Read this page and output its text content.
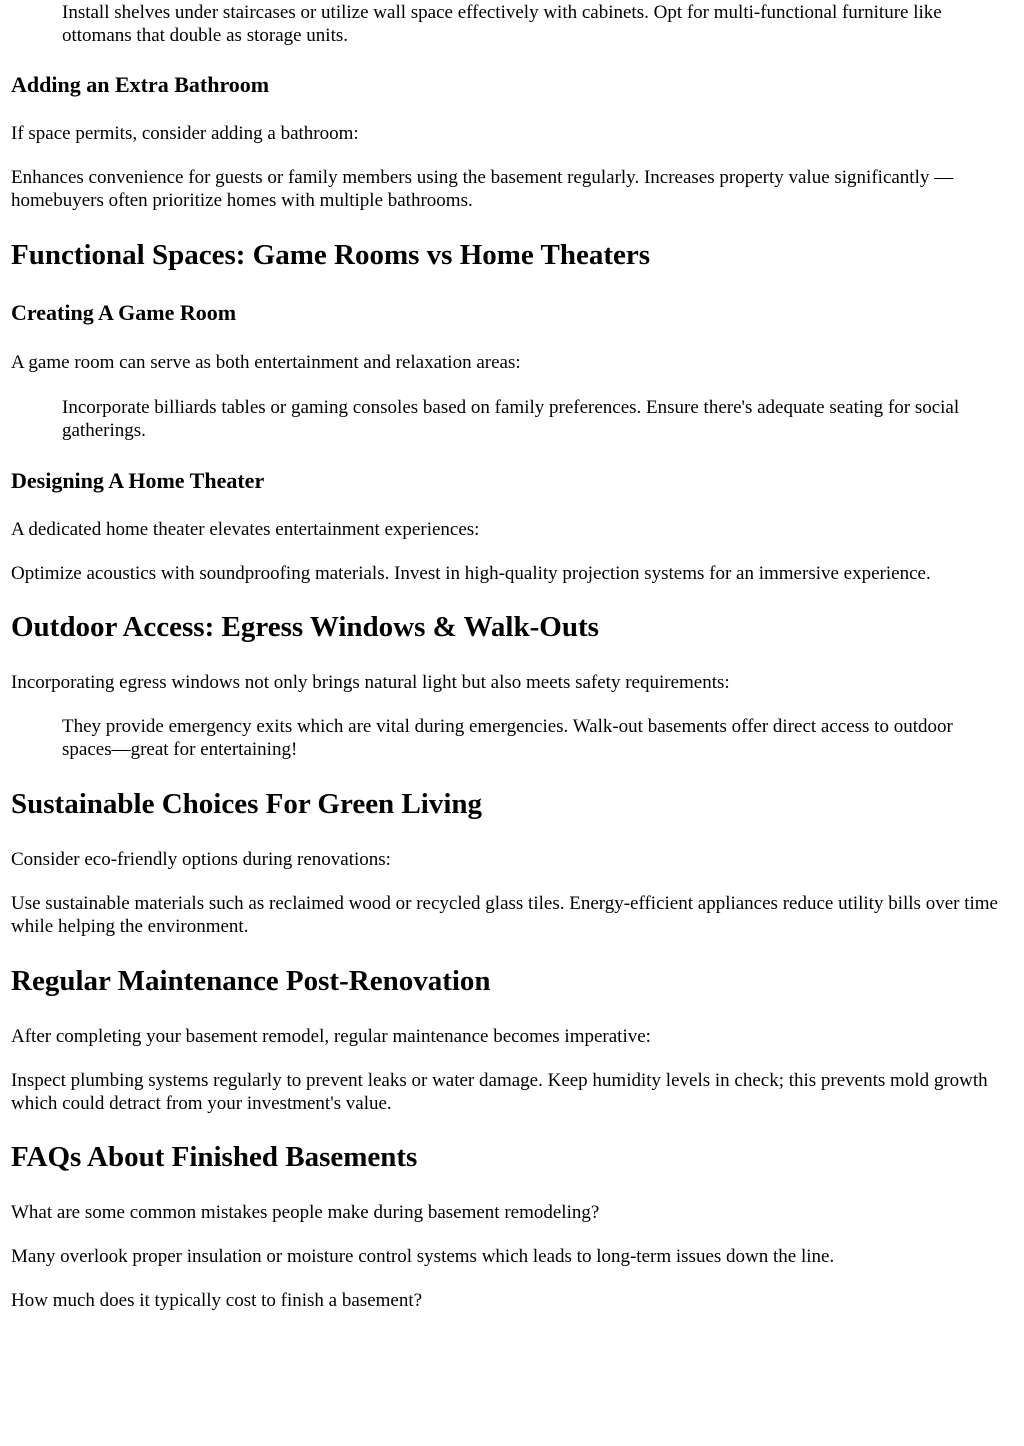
Install shelves under staircases or utilize wall space effectively with cabinets. Opt for multi-functional furniture like ottomans that double as storage units.
Adding an Extra Bathroom

If space permits, consider adding a bathroom:

Enhances convenience for guests or family members using the basement regularly. Increases property value significantly —homebuyers often prioritize homes with multiple bathrooms.

Functional Spaces: Game Rooms vs Home Theaters
Creating A Game Room

A game room can serve as both entertainment and relaxation areas:

Incorporate billiards tables or gaming consoles based on family preferences. Ensure there's adequate seating for social gatherings.
Designing A Home Theater

A dedicated home theater elevates entertainment experiences:

Optimize acoustics with soundproofing materials. Invest in high-quality projection systems for an immersive experience.

Outdoor Access: Egress Windows & Walk-Outs

Incorporating egress windows not only brings natural light but also meets safety requirements:

They provide emergency exits which are vital during emergencies. Walk-out basements offer direct access to outdoor spaces—great for entertaining!
Sustainable Choices For Green Living

Consider eco-friendly options during renovations:

Use sustainable materials such as reclaimed wood or recycled glass tiles. Energy-efficient appliances reduce utility bills over time while helping the environment.

Regular Maintenance Post-Renovation

After completing your basement remodel, regular maintenance becomes imperative:

Inspect plumbing systems regularly to prevent leaks or water damage. Keep humidity levels in check; this prevents mold growth which could detract from your investment's value.

FAQs About Finished Basements

What are some common mistakes people make during basement remodeling?

Many overlook proper insulation or moisture control systems which leads to long-term issues down the line.

How much does it typically cost to finish a basement?
